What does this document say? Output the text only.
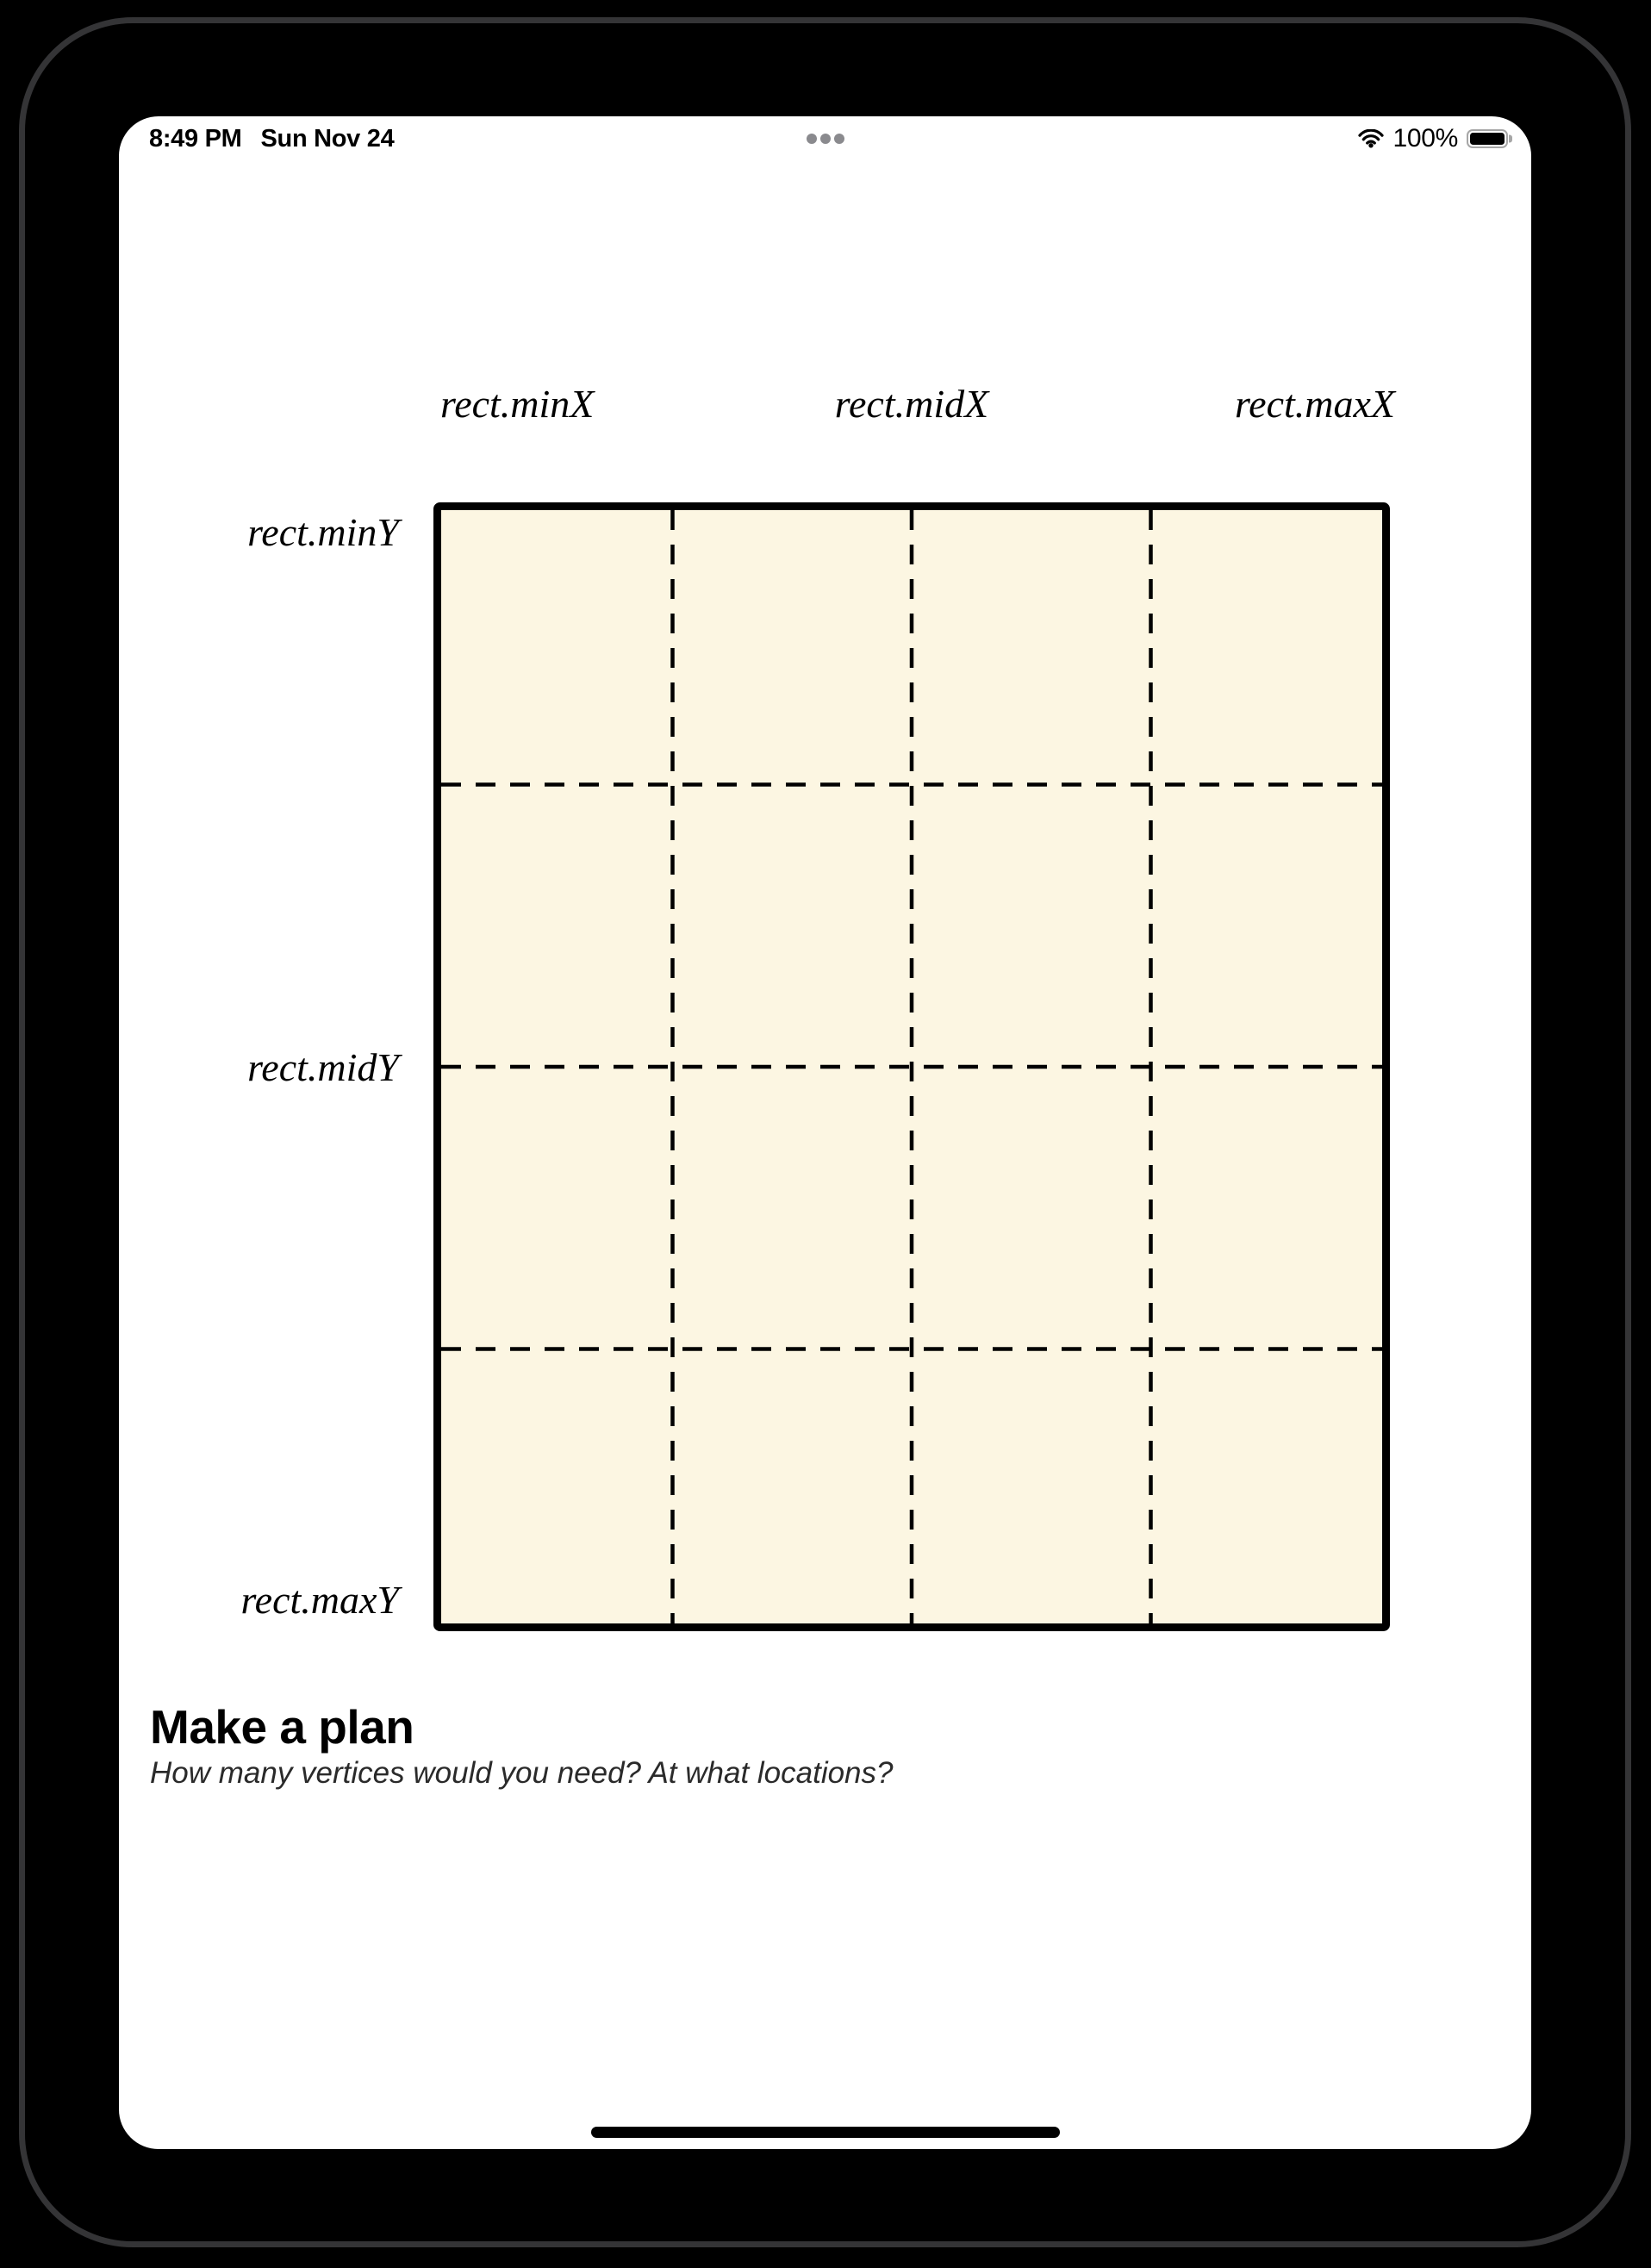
8:49 PM Sun Nov 24	100%
rect.minX	rect.midX	rect.maxX
rect.minY
rect.midY
rect.maxY
Make a plan

How many vertices would you need? At what locations?
